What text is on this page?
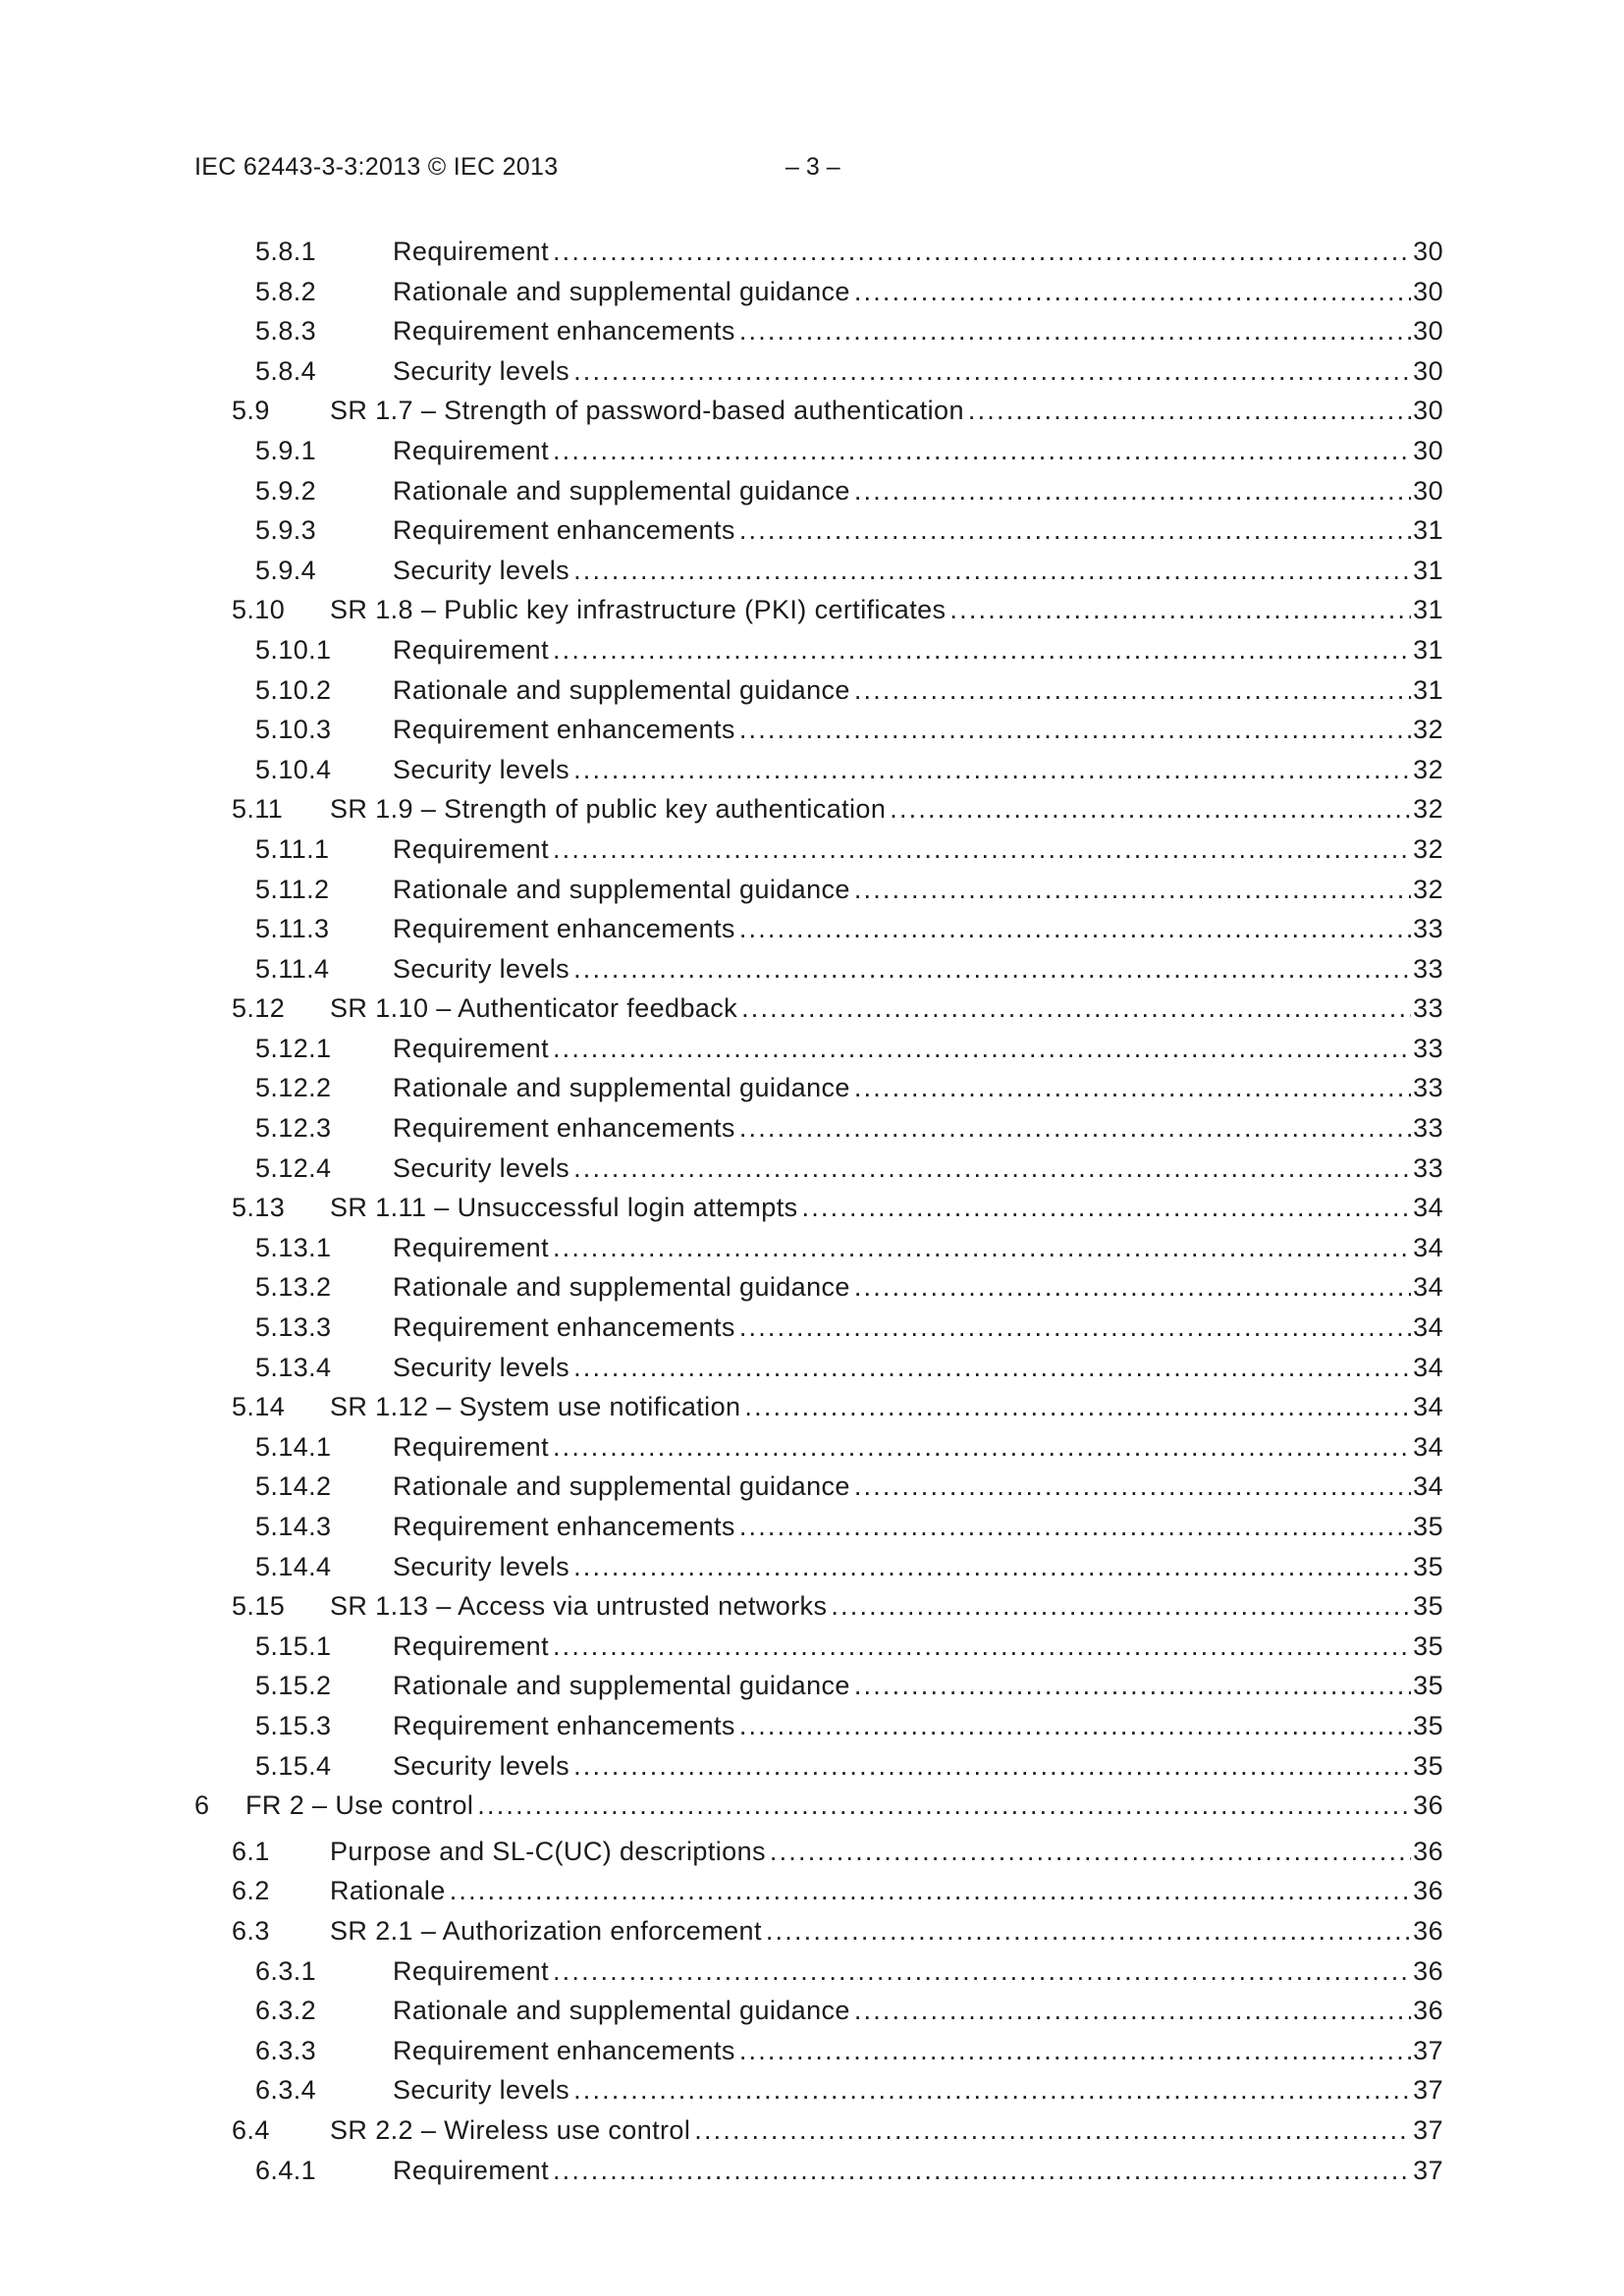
IEC 62443-3-3:2013 © IEC 2013	– 3 –
5.8.1	Requirement .....	30
5.8.2	Rationale and supplemental guidance .....	30
5.8.3	Requirement enhancements .....	30
5.8.4	Security levels .....	30
5.9 SR 1.7 – Strength of password-based authentication .....	30
5.9.1	Requirement .....	30
5.9.2	Rationale and supplemental guidance .....	30
5.9.3	Requirement enhancements .....	31
5.9.4	Security levels .....	31
5.10 SR 1.8 – Public key infrastructure (PKI) certificates .....	31
5.10.1 Requirement .....	31
5.10.2 Rationale and supplemental guidance .....	31
5.10.3 Requirement enhancements .....	32
5.10.4 Security levels .....	32
5.11 SR 1.9 – Strength of public key authentication .....	32
5.11.1 Requirement .....	32
5.11.2 Rationale and supplemental guidance .....	32
5.11.3 Requirement enhancements .....	33
5.11.4 Security levels .....	33
5.12 SR 1.10 – Authenticator feedback .....	33
5.12.1 Requirement .....	33
5.12.2 Rationale and supplemental guidance .....	33
5.12.3 Requirement enhancements .....	33
5.12.4 Security levels .....	33
5.13 SR 1.11 – Unsuccessful login attempts .....	34
5.13.1 Requirement .....	34
5.13.2 Rationale and supplemental guidance .....	34
5.13.3 Requirement enhancements .....	34
5.13.4 Security levels .....	34
5.14 SR 1.12 – System use notification .....	34
5.14.1 Requirement .....	34
5.14.2 Rationale and supplemental guidance .....	34
5.14.3 Requirement enhancements .....	35
5.14.4 Security levels .....	35
5.15 SR 1.13 – Access via untrusted networks .....	35
5.15.1 Requirement .....	35
5.15.2 Rationale and supplemental guidance .....	35
5.15.3 Requirement enhancements .....	35
5.15.4 Security levels .....	35
6 FR 2 – Use control .....	36
6.1 Purpose and SL-C(UC) descriptions .....	36
6.2 Rationale .....	36
6.3 SR 2.1 – Authorization enforcement .....	36
6.3.1	Requirement .....	36
6.3.2	Rationale and supplemental guidance .....	36
6.3.3	Requirement enhancements .....	37
6.3.4	Security levels .....	37
6.4 SR 2.2 – Wireless use control .....	37
6.4.1	Requirement .....	37
